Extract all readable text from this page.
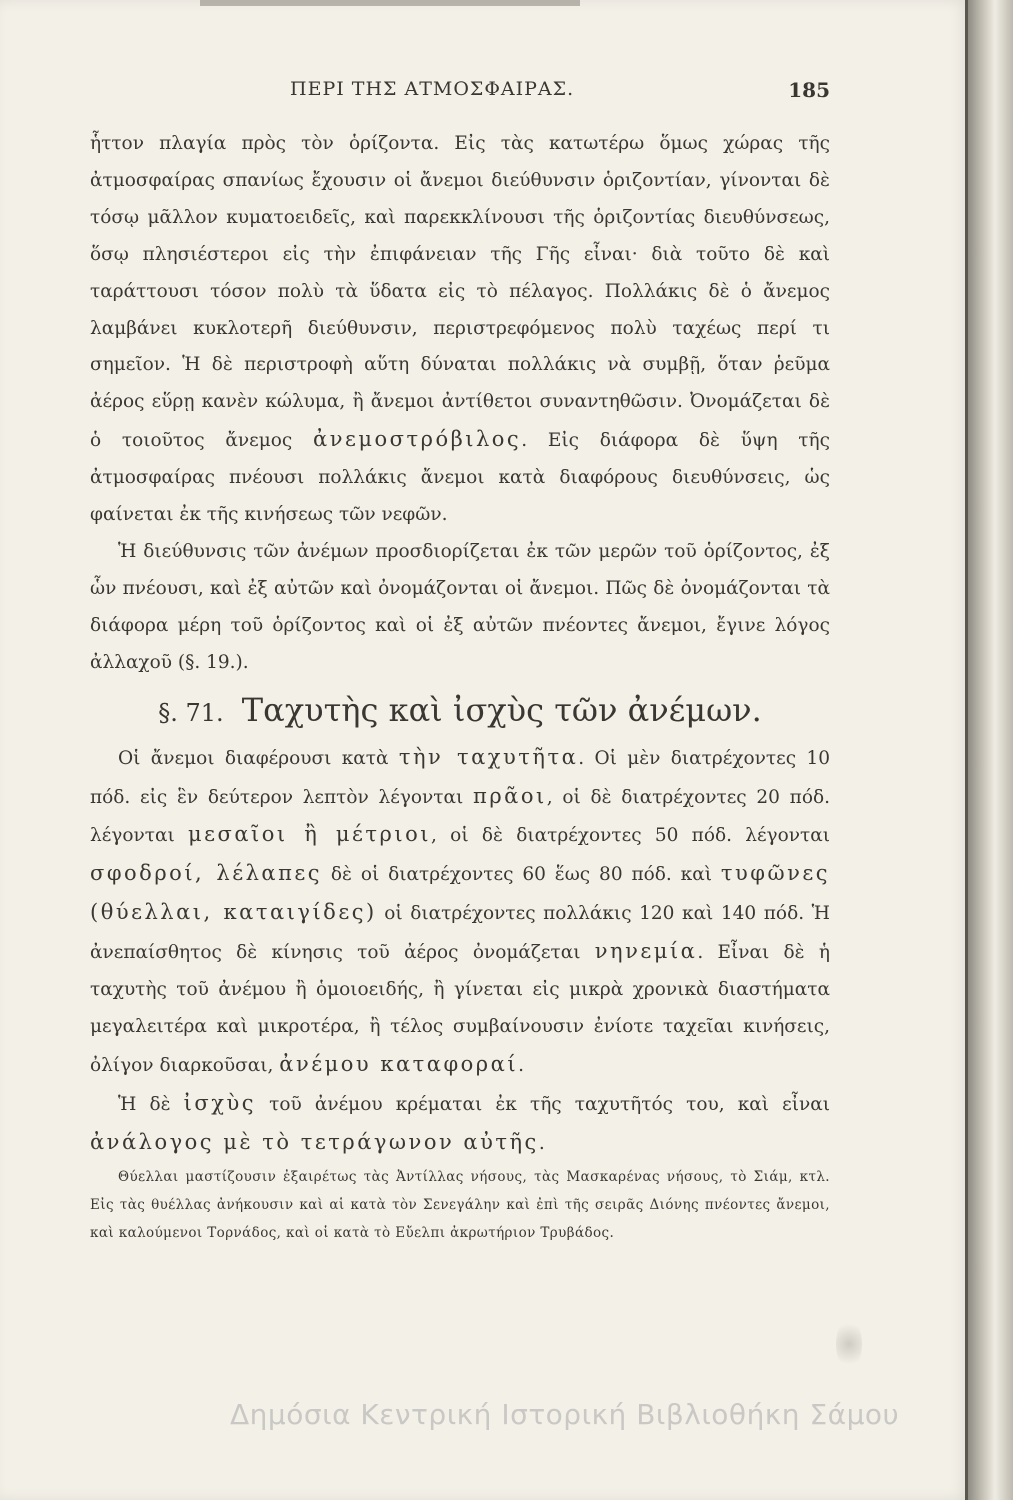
ΠΕΡΙ ΤΗΣ ΑΤΜΟΣΦΑΙΡΑΣ.	185

ἧττον πλαγία πρὸς τὸν ὁρίζοντα. Εἰς τὰς κατωτέρω ὅμως χώρας τῆς ἀτμοσφαίρας σπανίως ἔχουσιν οἱ ἄνεμοι διεύθυνσιν ὁριζοντίαν, γίνονται δὲ τόσῳ μᾶλλον κυματοειδεῖς, καὶ παρεκκλίνουσι τῆς ὁριζοντίας διευθύνσεως, ὅσῳ πλησιέστεροι εἰς τὴν ἐπιφάνειαν τῆς Γῆς εἶναι· διὰ τοῦτο δὲ καὶ ταράττουσι τόσον πολὺ τὰ ὕδατα εἰς τὸ πέλαγος. Πολλάκις δὲ ὁ ἄνεμος λαμβάνει κυκλοτερῆ διεύθυνσιν, περιστρεφόμενος πολὺ ταχέως περί τι σημεῖον. Ἡ δὲ περιστροφὴ αὕτη δύναται πολλάκις νὰ συμβῇ, ὅταν ῥεῦμα ἀέρος εὕρῃ κανὲν κώλυμα, ἢ ἄνεμοι ἀντίθετοι συναντηθῶσιν. Ὀνομάζεται δὲ ὁ τοιοῦτος ἄνεμος ἀνεμοστρόβιλος. Εἰς διάφορα δὲ ὕψη τῆς ἀτμοσφαίρας πνέουσι πολλάκις ἄνεμοι κατὰ διαφόρους διευθύνσεις, ὡς φαίνεται ἐκ τῆς κινήσεως τῶν νεφῶν.

Ἡ διεύθυνσις τῶν ἀνέμων προσδιορίζεται ἐκ τῶν μερῶν τοῦ ὁρίζοντος, ἐξ ὧν πνέουσι, καὶ ἐξ αὐτῶν καὶ ὀνομάζονται οἱ ἄνεμοι. Πῶς δὲ ὀνομάζονται τὰ διάφορα μέρη τοῦ ὁρίζοντος καὶ οἱ ἐξ αὐτῶν πνέοντες ἄνεμοι, ἔγινε λόγος ἀλλαχοῦ (§. 19.).

§. 71. Ταχυτὴς καὶ ἰσχὺς τῶν ἀνέμων.

Οἱ ἄνεμοι διαφέρουσι κατὰ τὴν ταχυτῆτα. Οἱ μὲν διατρέχοντες 10 πόδ. εἰς ἓν δεύτερον λεπτὸν λέγονται πρᾶοι, οἱ δὲ διατρέχοντες 20 πόδ. λέγονται μεσαῖοι ἢ μέτριοι, οἱ δὲ διατρέχοντες 50 πόδ. λέγονται σφοδροί, λέλαπες δὲ οἱ διατρέχοντες 60 ἕως 80 πόδ. καὶ τυφῶνες (θύελλαι, καταιγίδες) οἱ διατρέχοντες πολλάκις 120 καὶ 140 πόδ. Ἡ ἀνεπαίσθητος δὲ κίνησις τοῦ ἀέρος ὀνομάζεται νηνεμία. Εἶναι δὲ ἡ ταχυτὴς τοῦ ἀνέμου ἢ ὁμοιοειδής, ἢ γίνεται εἰς μικρὰ χρονικὰ διαστήματα μεγαλειτέρα καὶ μικροτέρα, ἢ τέλος συμβαίνουσιν ἐνίοτε ταχεῖαι κινήσεις, ὀλίγον διαρκοῦσαι, ἀνέμου καταφοραί.

Ἡ δὲ ἰσχὺς τοῦ ἀνέμου κρέμαται ἐκ τῆς ταχυτῆτός του, καὶ εἶναι ἀνάλογος μὲ τὸ τετράγωνον αὐτῆς.

Θύελλαι μαστίζουσιν ἐξαιρέτως τὰς Ἀντίλλας νήσους, τὰς Μασκαρένας νήσους, τὸ Σιάμ, κτλ. Εἰς τὰς θυέλλας ἀνήκουσιν καὶ αἱ κατὰ τὸν Σενεγάλην καὶ ἐπὶ τῆς σειρᾶς Διόνης πνέοντες ἄνεμοι, καὶ καλούμενοι Τορνάδος, καὶ οἱ κατὰ τὸ Εὔελπι ἀκρωτήριον Τρυβάδος.

Δημόσια Κεντρική Ιστορική Βιβλιοθήκη Σάμου
